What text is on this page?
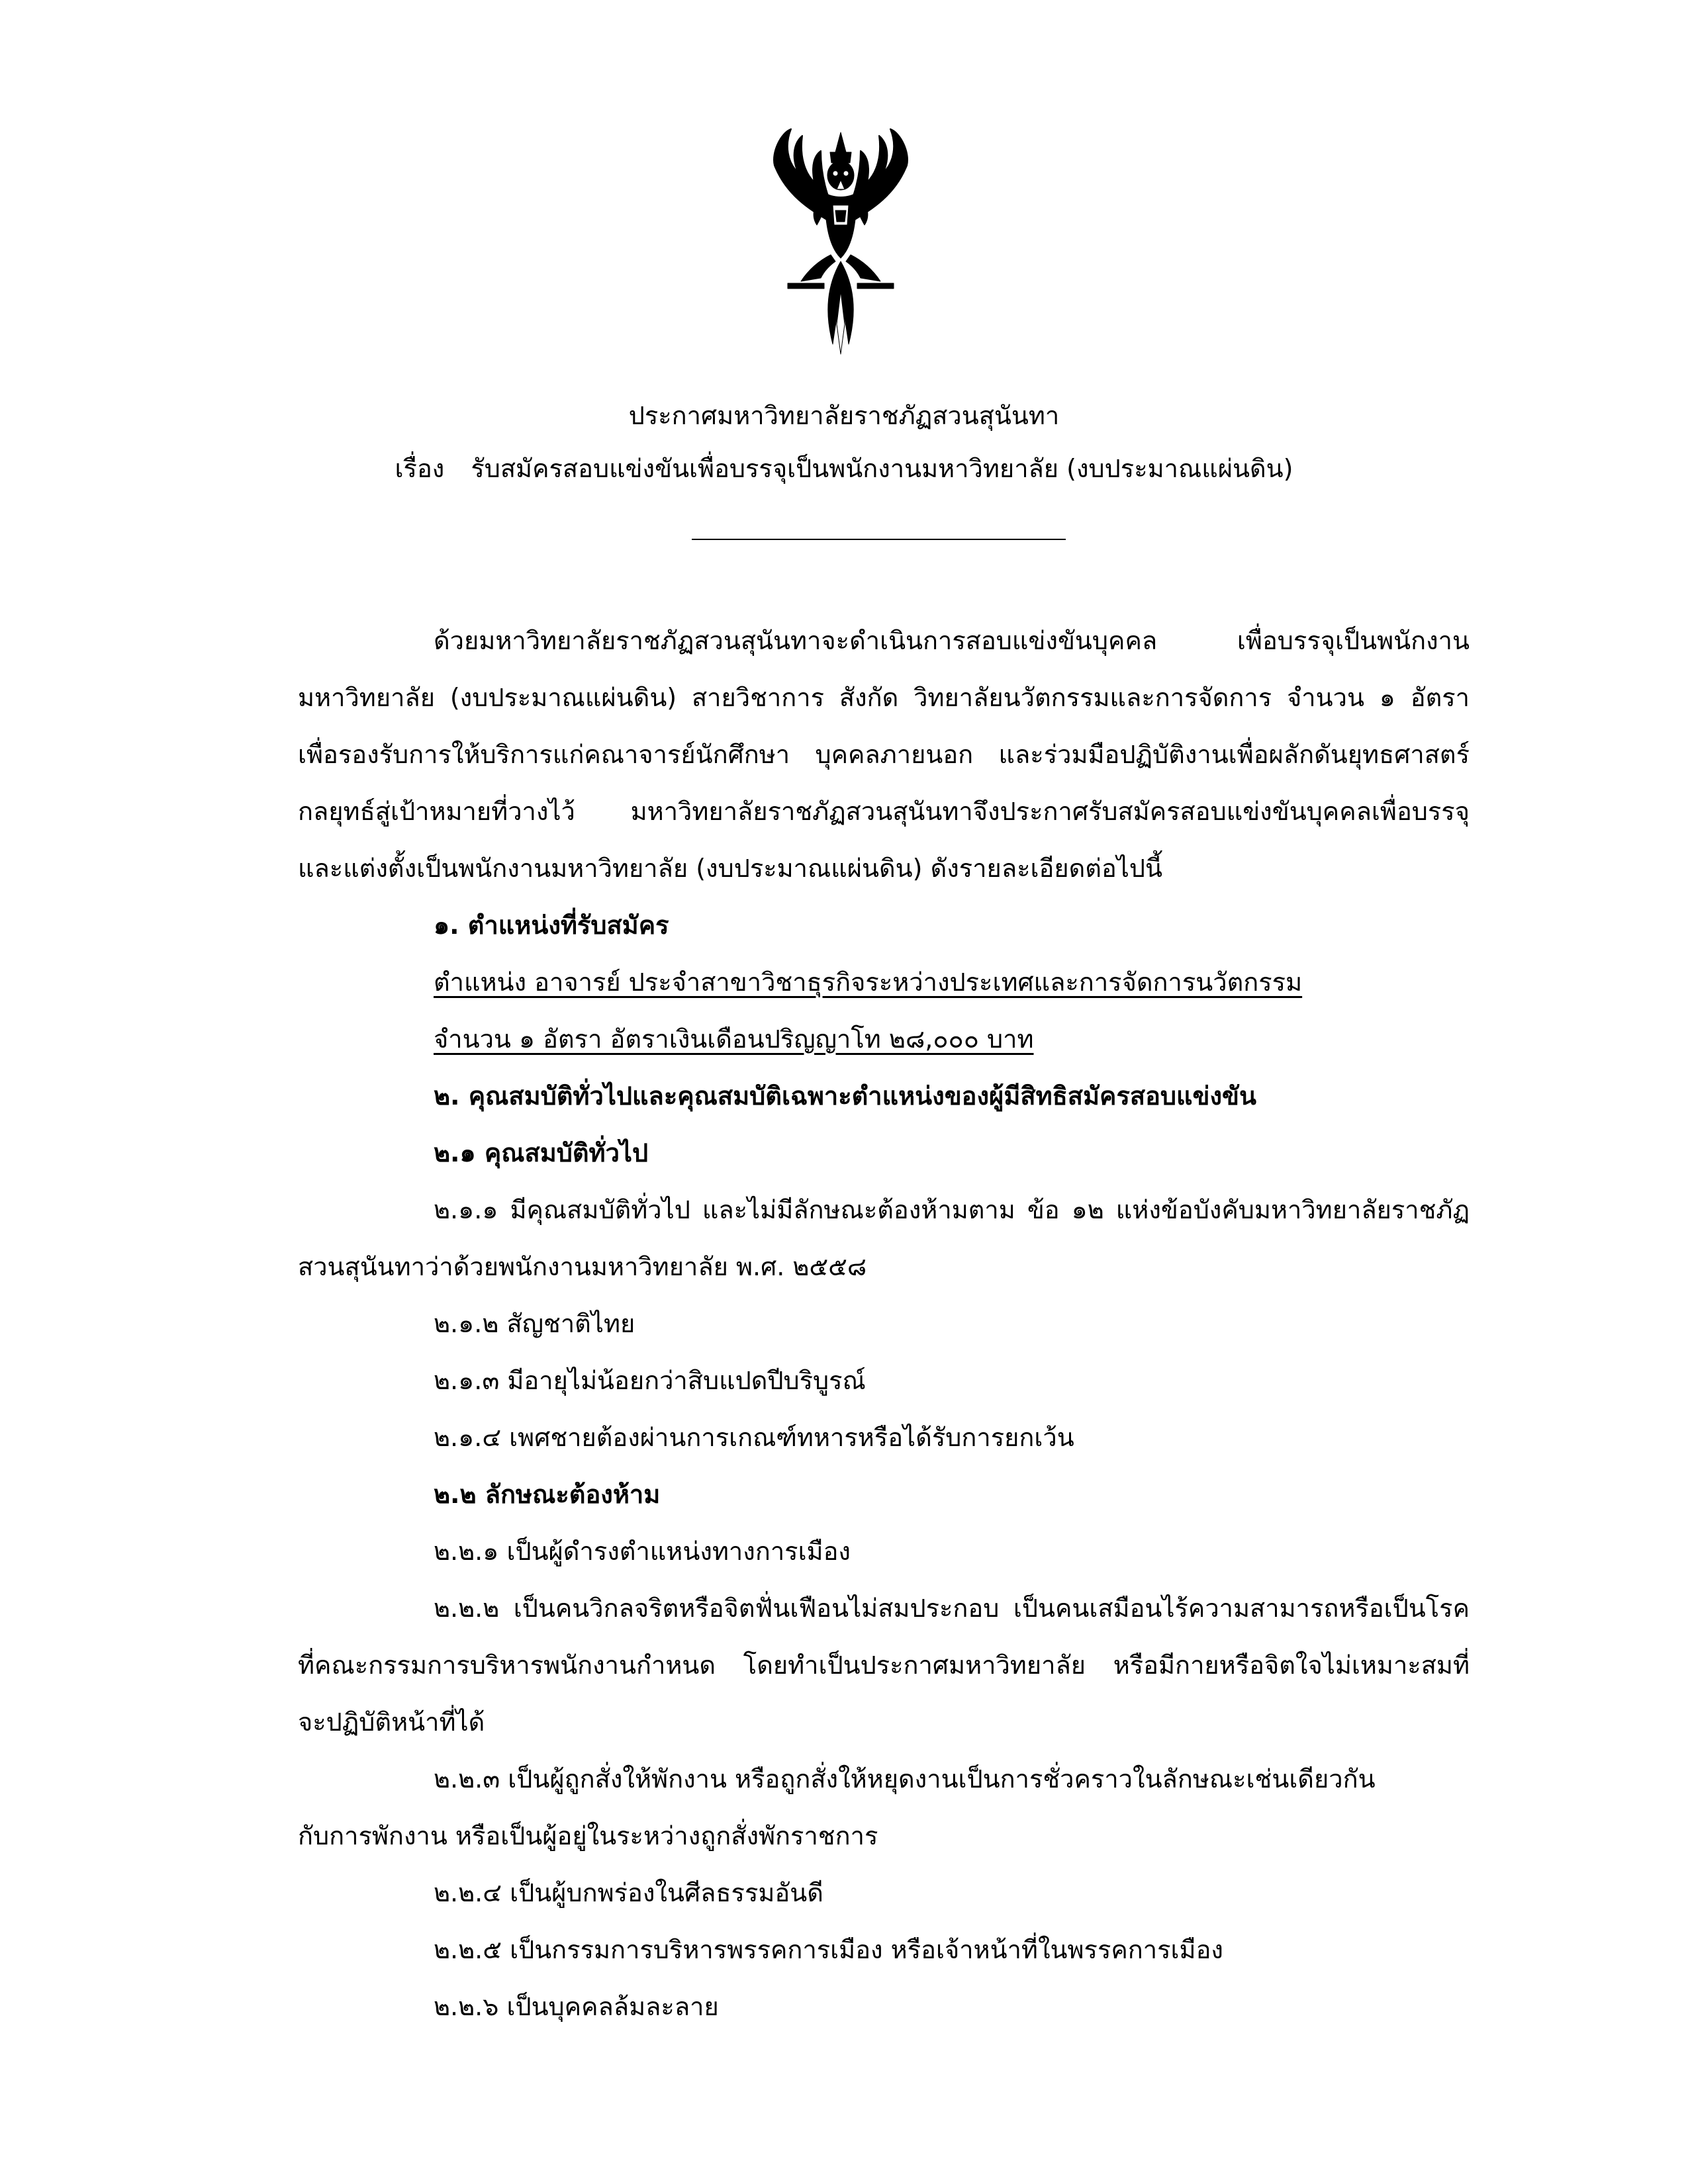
ประกาศมหาวิทยาลัยราชภัฏสวนสุนันทา
เรื่อง รับสมัครสอบแข่งขันเพื่อบรรจุเป็นพนักงานมหาวิทยาลัย (งบประมาณแผ่นดิน)
ด้วยมหาวิทยาลัยราชภัฏสวนสุนันทาจะดำเนินการสอบแข่งขันบุคคล เพื่อบรรจุเป็นพนักงาน
มหาวิทยาลัย (งบประมาณแผ่นดิน) สายวิชาการ สังกัด วิทยาลัยนวัตกรรมและการจัดการ จำนวน ๑ อัตรา
เพื่อรองรับการให้บริการแก่คณาจารย์นักศึกษา บุคคลภายนอก และร่วมมือปฏิบัติงานเพื่อผลักดันยุทธศาสตร์
กลยุทธ์สู่เป้าหมายที่วางไว้ มหาวิทยาลัยราชภัฏสวนสุนันทาจึงประกาศรับสมัครสอบแข่งขันบุคคลเพื่อบรรจุ
และแต่งตั้งเป็นพนักงานมหาวิทยาลัย (งบประมาณแผ่นดิน) ดังรายละเอียดต่อไปนี้
๑. ตำแหน่งที่รับสมัคร
ตำแหน่ง อาจารย์ ประจำสาขาวิชาธุรกิจระหว่างประเทศและการจัดการนวัตกรรม
จำนวน ๑ อัตรา อัตราเงินเดือนปริญญาโท ๒๘,๐๐๐ บาท
๒. คุณสมบัติทั่วไปและคุณสมบัติเฉพาะตำแหน่งของผู้มีสิทธิสมัครสอบแข่งขัน
๒.๑ คุณสมบัติทั่วไป
๒.๑.๑ มีคุณสมบัติทั่วไป และไม่มีลักษณะต้องห้ามตาม ข้อ ๑๒ แห่งข้อบังคับมหาวิทยาลัยราชภัฏ
สวนสุนันทาว่าด้วยพนักงานมหาวิทยาลัย พ.ศ. ๒๕๕๘
๒.๑.๒ สัญชาติไทย
๒.๑.๓ มีอายุไม่น้อยกว่าสิบแปดปีบริบูรณ์
๒.๑.๔ เพศชายต้องผ่านการเกณฑ์ทหารหรือได้รับการยกเว้น
๒.๒ ลักษณะต้องห้าม
๒.๒.๑ เป็นผู้ดำรงตำแหน่งทางการเมือง
๒.๒.๒ เป็นคนวิกลจริตหรือจิตฟั่นเฟือนไม่สมประกอบ เป็นคนเสมือนไร้ความสามารถหรือเป็นโรค
ที่คณะกรรมการบริหารพนักงานกำหนด โดยทำเป็นประกาศมหาวิทยาลัย หรือมีกายหรือจิตใจไม่เหมาะสมที่
จะปฏิบัติหน้าที่ได้
๒.๒.๓ เป็นผู้ถูกสั่งให้พักงาน หรือถูกสั่งให้หยุดงานเป็นการชั่วคราวในลักษณะเช่นเดียวกัน
กับการพักงาน หรือเป็นผู้อยู่ในระหว่างถูกสั่งพักราชการ
๒.๒.๔ เป็นผู้บกพร่องในศีลธรรมอันดี
๒.๒.๕ เป็นกรรมการบริหารพรรคการเมือง หรือเจ้าหน้าที่ในพรรคการเมือง
๒.๒.๖ เป็นบุคคลล้มละลาย
